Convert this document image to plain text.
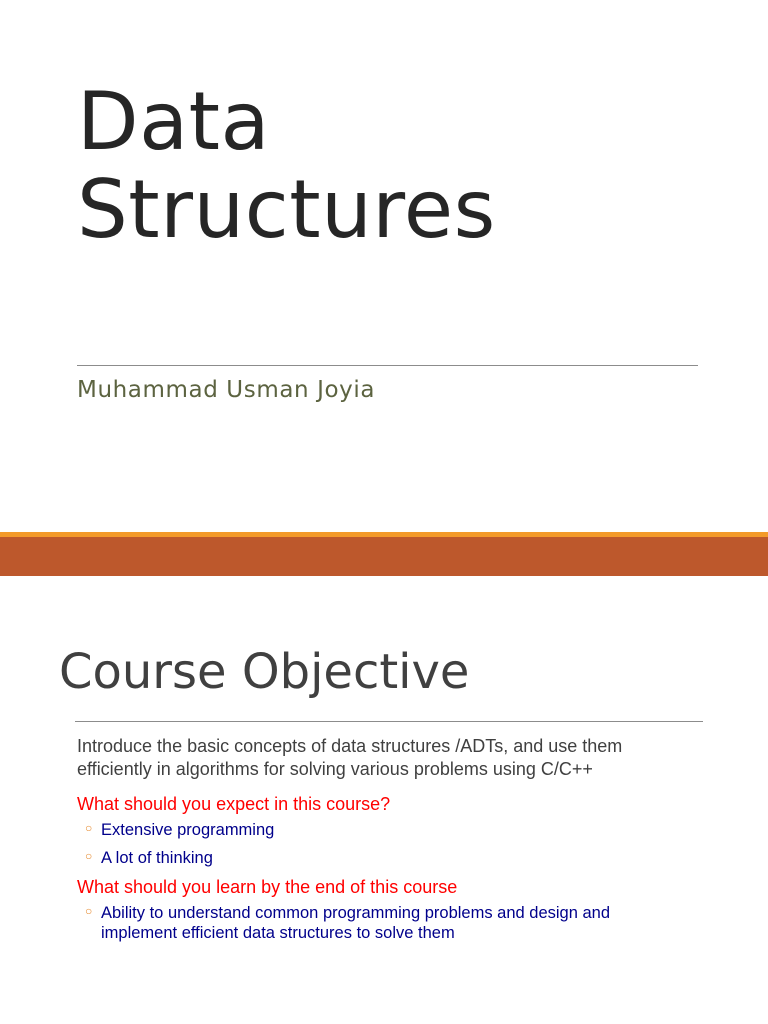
Data
Structures
Muhammad Usman Joyia
Course Objective

Introduce the basic concepts of data structures /ADTs, and use them
efficiently in algorithms for solving various problems using C/C++

What should you expect in this course?

○ Extensive programming
○ A lot of thinking

What should you learn by the end of this course

○ Ability to understand common programming problems and design and
implement efficient data structures to solve them
